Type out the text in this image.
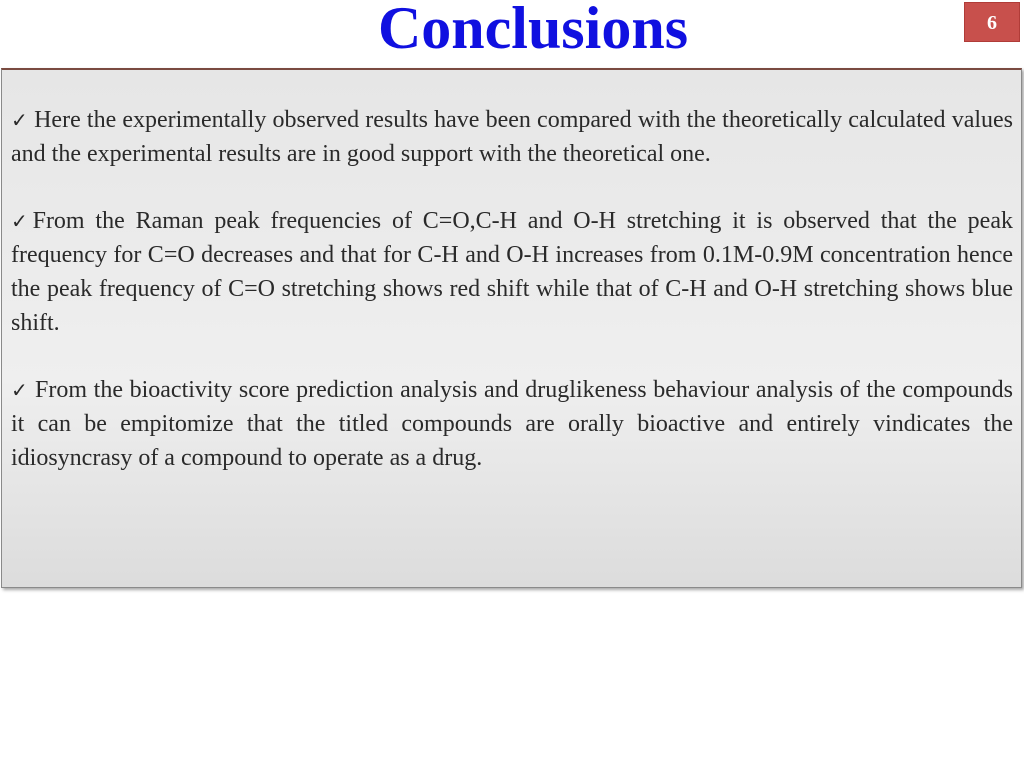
Conclusions	6

✓ Here the experimentally observed results have been compared with the theoretically calculated values and the experimental results are in good support with the theoretical one.

✓From the Raman peak frequencies of C=O,C-H and O-H stretching it is observed that the peak frequency for C=O decreases and that for C-H and O-H increases from 0.1M-0.9M concentration hence the peak frequency of C=O stretching shows red shift while that of C-H and O-H stretching shows blue shift.

✓ From the bioactivity score prediction analysis and druglikeness behaviour analysis of the compounds it can be empitomize that the titled compounds are orally bioactive and entirely vindicates the idiosyncrasy of a compound to operate as a drug.
